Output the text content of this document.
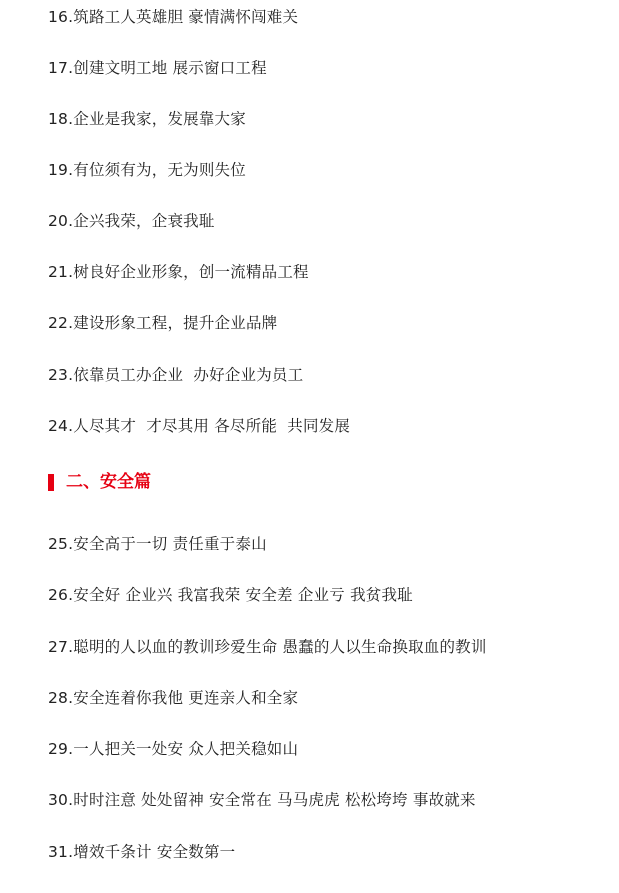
16.筑路工人英雄胆 豪情满怀闯难关
17.创建文明工地 展示窗口工程
18.企业是我家，发展靠大家
19.有位须有为，无为则失位
20.企兴我荣，企衰我耻
21.树良好企业形象，创一流精品工程
22.建设形象工程，提升企业品牌
23.依靠员工办企业  办好企业为员工
24.人尽其才  才尽其用 各尽所能  共同发展
二、安全篇
25.安全高于一切 责任重于泰山
26.安全好 企业兴 我富我荣 安全差 企业亏 我贫我耻
27.聪明的人以血的教训珍爱生命 愚蠢的人以生命换取血的教训
28.安全连着你我他 更连亲人和全家
29.一人把关一处安 众人把关稳如山
30.时时注意 处处留神 安全常在 马马虎虎 松松垮垮 事故就来
31.增效千条计 安全数第一
